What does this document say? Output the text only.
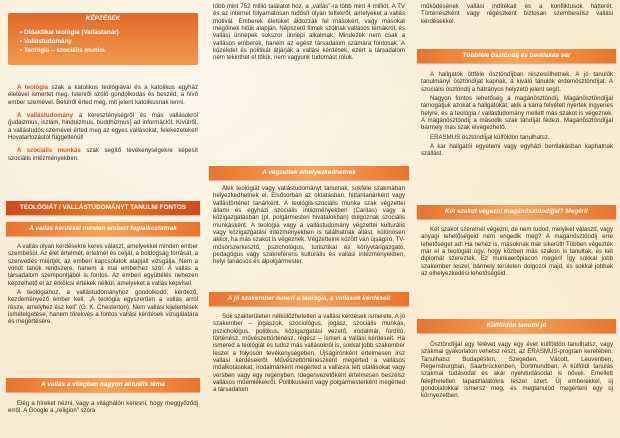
KÉPZÉSEK
• Didaktikai teológia (Vallástanár)
• Vallástudomány
• Teológia – szociális munka

A teológia szak a katolikus teológiával és a katolikus egyház életével ismertet meg. Istenről szóló gondolkodás és beszéd, a hívő ember szemével. Belülről érted meg, mit jelent katolikusnak lenni.

A vallástudomány a kereszténységről és más vallásokról (judaizmus, iszlám, hinduizmus, buddhizmus) ad információt. Kívülről, a vallástudós szemével érted meg az egyes vallásokat, felekezeteket! Hovatartozástól függetlenül!

A szociális munkás szak segítő tevékenységekre képesít szociális intézményekben.

TEOLÓGIÁT / VALLÁSTUDOMÁNYT TANULNI FONTOS
A vallás kérdései minden embert foglalkoztatnak

A vallás olyan kérdésekre keres választ, amelyekkel minden ember szembesül. Az élet értelmét, értelmét és célját, a boldogság forrását, a szenvedés miértjét, az emberi kapcsolatok alapjait vizsgálja. Nem a vonót tanok rendszere, hanem a mai emberhez szól. A vallás a társadalom szempontjából is fontos. Az emberi együttélés nehezen képzelhető el az érkölcsi értékek nélkül, amelyeket a vallás képvisel.

A teológiához, a vallástudományhoz gondolkodó, kérdező, kezdeményező ember kell. „A teológia egyszerűen a vallás arról része, amelyhez ész kell” (G. K. Chesterton). Nem vallási kijelentések ismételgetése, hanem törekvés a fontos vallási kérdések vizsgálatára és megértésére.

A vallás a világban nagyon aktuális téma

Elég a híreket nézni, vagy a világhálón keresni, hogy meggyőződj erről. A Google a „religion” szóra

több mint 752 millió találatot hoz, a „vallás”-ra több mint 4 milliót. A TV és az internet folyamatosan tudósít olyan tettekről, amelyeket a vallás motivál. Emberek életüket áldozzák fel másokért, vagy másokat megölnek hitük alapján. Népszerű filmek szólnak vallásos témákról, és vallási ünnepek sokszor ünnepi alkalmak. Mindezek nem csak a vallásos emberek, hanem az egész társadalom számára fontosak. A közéletet és politikát átjárják a vallási kérdések, ezért a társadalom nem tekinthet el tőlük, nem vagyunk tudomást róluk.

A végzettek elhelyezkedhetnek

Akik teológiát vagy vallástudományt tanulnak, sokféle szakmában helyezkedhetnek el. Elsősorban az oktatásban, hittantanárként vagy vallástörténet tanárként. A teológia-szociális munka szak végzettei állami és egyházi szociális intézményekben (Caritas) vagy a közigazgatásban (pl. polgármesteri hivatalokban) dolgoznak szociális munkásként. A teológia vagy a vallástudomány végzettei kulturális vagy közigazgatási intézményekben is találhatnak állást, különösen akkor, ha más szakot is végeznek. Végzetteink között van újságíró, TV-műsorszerkesztő, pszichológus, turisztikai és könyvtárigazgató, pedagógus vagy szakreferens kulturális és vallási intézményekben, helyi tanácsos és alpolgármester.

A jó szakember ismeri a teológia, a vallások kérdéseit

Sok szakterületen nélkülözhetetlen a vallási kérdések ismerete. A jó szakember – jogászok, szociológus, jogász, szociális munkás, pszichológus, politikus, közigazgatási vezető, irodalmár, fordító, történész, művészettörténész, régész – ismeri a vallási kérdéseit. Ha ismered a teológiát és tudsz más vallásokról is, sokkal jobb szakember leszel a folyosón tevékenységében. Újságírónként értelmesen írsz vallási kérdésekről. Művészettörténészként megérted a vallásos műalkotásokat, irodalmárként megérted a vallásra tett utalásokat vagy versben vagy egy regényben. Idegenvezetőként értelmesen beszélsz vallásos műemlékekről. Politikusként vagy polgármesterként megérted a társadalom

működésének vallási indítékait és a konfliktusok hátterét. Történészként vagy régészként biztosan szembesülsz vallási kérdésekkel.

Többféle ösztöndíj és bentlakás vár

A hallgatók öttféle ösztöndíjban részesülhetnek. A jó tanulók tanulmányi ösztöndíjat kapnak, a kiváló tanulók érdemösztöndíjat. A szociális ösztöndíj a hátrányos helyzetű jelent segít.

Nagyon fontos lehetőség a magánösztöndíj. Magánösztöndíjjal támogatjuk azokat a hallgatókat, akik a karra felvételt nyertek ingyenes helyre, és a teológia / vallástudomány mellett más szakot is végeznek. A magánösztöndíj a második szak tandíját fedezi. Magánösztöndíjjal bármely más szak elvégezhető.

ERASMUS ösztöndíjjal külföldön tanulhatsz.

A kar hallgatói egyetemi vagy egyházi bentlakásban kaphatnak szállást.

Két szakot végezni magánösztöndíjjal? Megéri!

Két szakot szeretnél végezni, de nem tudod, melyiket válaszd, vagy anyagi lehetőségeid nem engedik meg? A magánösztöndíj erre lehetőséget ad! Ha nehéz is, másoknak már sikerült! Többen végezték már el a teológiát úgy, hogy közben más szakon is tanultak, és két diplomát szereztek. Ez munkaerőpiacon megéri! Így sokkal jobb szakember leszel, bármely területen dolgozol majd, és sokkal jobbak az elhelyezkedési lehetőségeid.

Külföldön tanulni jó

Ösztöndíjjal egy félévet vagy egy évet külföldön tanulhatsz, vagy szakmai gyakorlaton vehetsz részt, az ERASMUS-program keretében. Tanulhatsz Budapesten, Szegeden, Vácott, Leuvenben, Regensburgban, Saarbrückenben, Dortmundban. A külföldi tanulás szakmai tudásodat és akár nyelvtudásodat is növeli. Emellett felejthetetlen tapasztalatokra teszel szert. Új emberekkel, új gondolatokkal ismersz meg, és megtanulod megérteni egy új környezetben.
